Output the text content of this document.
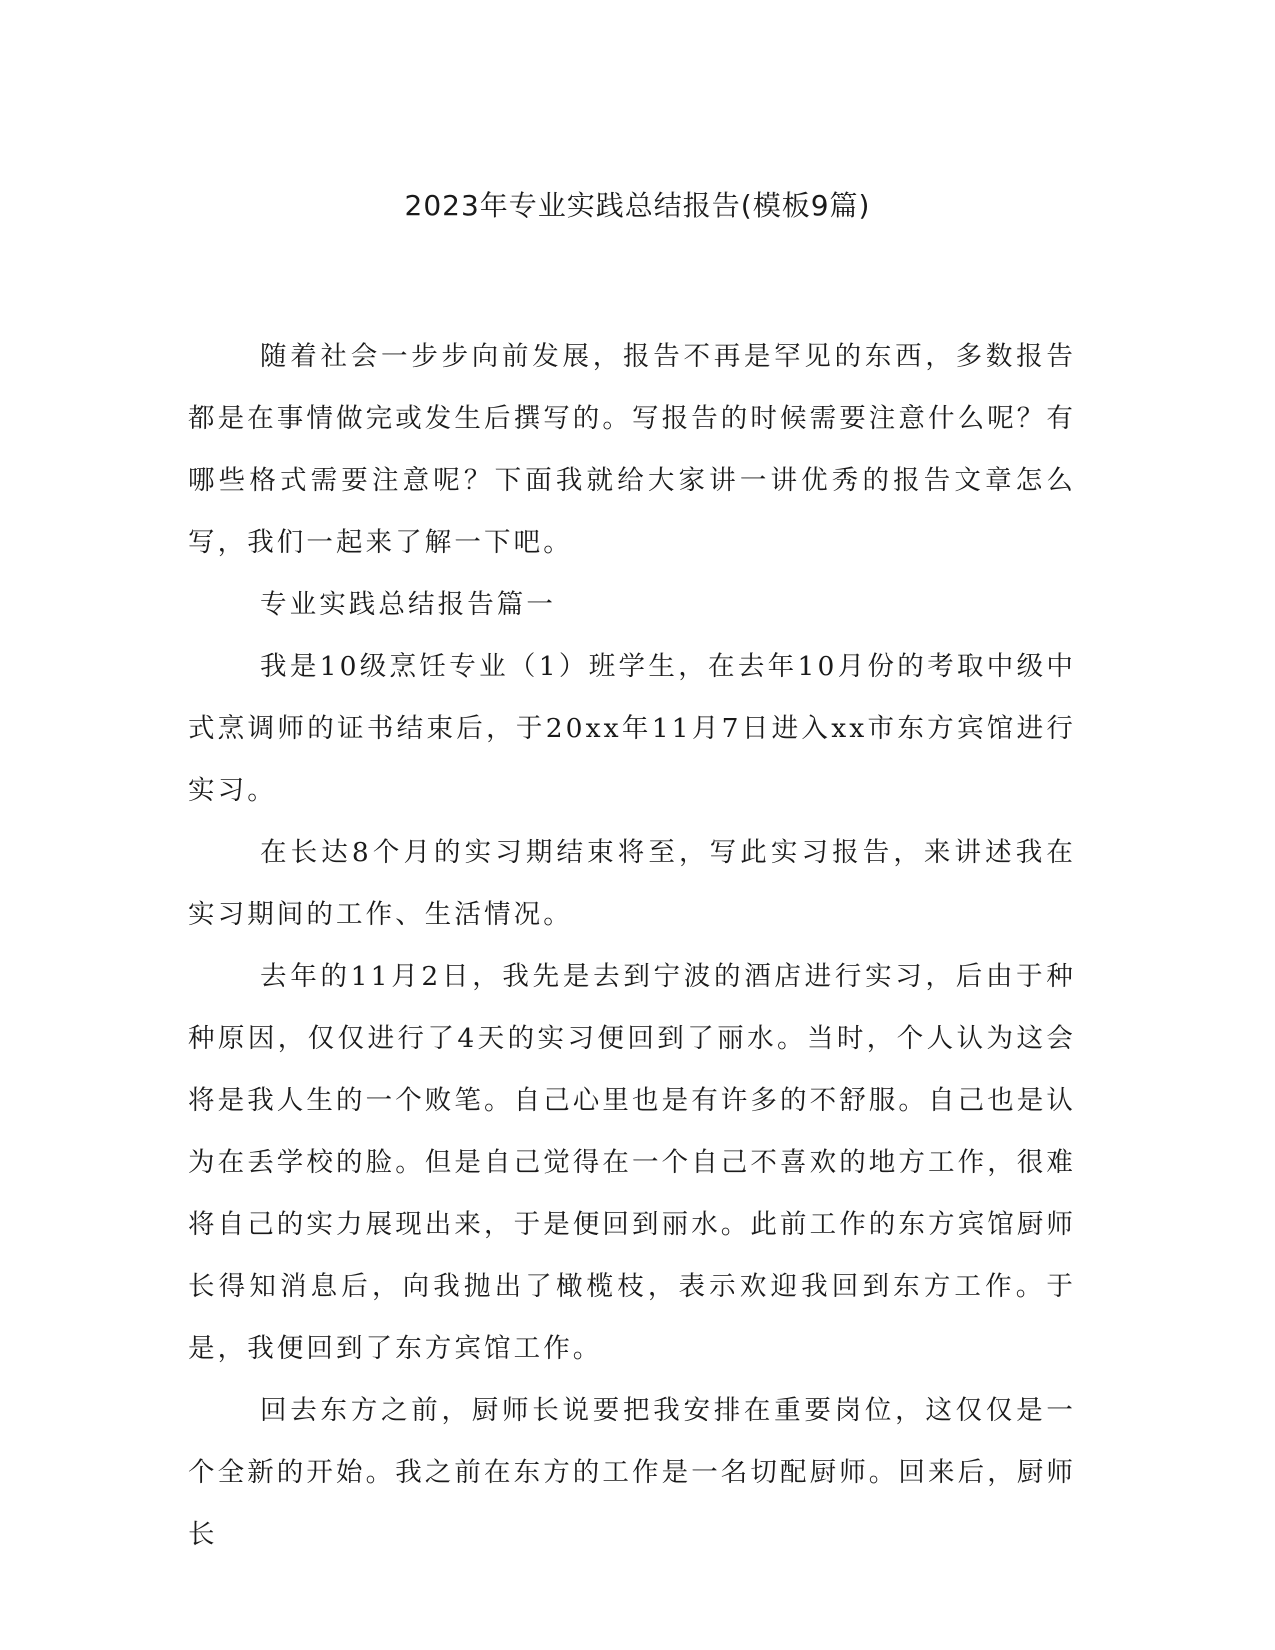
2023年专业实践总结报告(模板9篇)

随着社会一步步向前发展，报告不再是罕见的东西，多数报告都是在事情做完或发生后撰写的。写报告的时候需要注意什么呢？有哪些格式需要注意呢？下面我就给大家讲一讲优秀的报告文章怎么写，我们一起来了解一下吧。

专业实践总结报告篇一

我是10级烹饪专业（1）班学生，在去年10月份的考取中级中式烹调师的证书结束后，于20xx年11月7日进入xx市东方宾馆进行实习。

在长达8个月的实习期结束将至，写此实习报告，来讲述我在实习期间的工作、生活情况。

去年的11月2日，我先是去到宁波的酒店进行实习，后由于种种原因，仅仅进行了4天的实习便回到了丽水。当时，个人认为这会将是我人生的一个败笔。自己心里也是有许多的不舒服。自己也是认为在丢学校的脸。但是自己觉得在一个自己不喜欢的地方工作，很难将自己的实力展现出来，于是便回到丽水。此前工作的东方宾馆厨师长得知消息后，向我抛出了橄榄枝，表示欢迎我回到东方工作。于是，我便回到了东方宾馆工作。

回去东方之前，厨师长说要把我安排在重要岗位，这仅仅是一个全新的开始。我之前在东方的工作是一名切配厨师。回来后，厨师长
